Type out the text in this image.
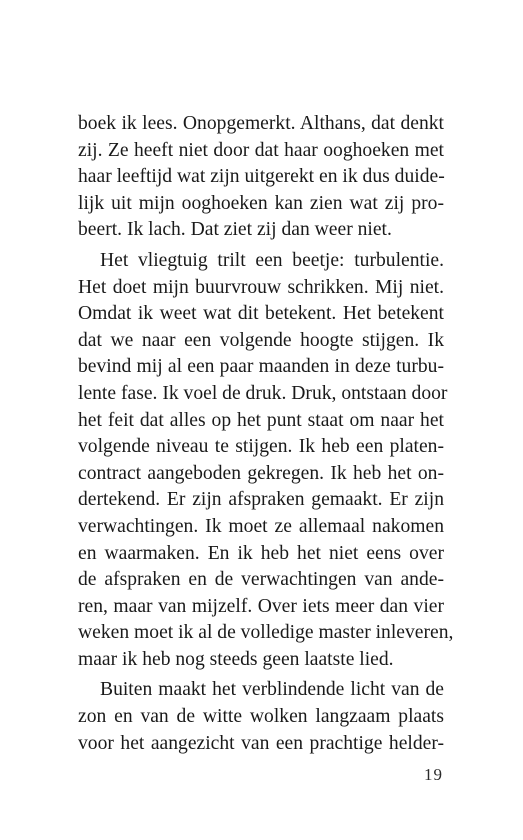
boek ik lees. Onopgemerkt. Althans, dat denkt
zij. Ze heeft niet door dat haar ooghoeken met
haar leeftijd wat zijn uitgerekt en ik dus duide-
lijk uit mijn ooghoeken kan zien wat zij pro-
beert. Ik lach. Dat ziet zij dan weer niet.
Het vliegtuig trilt een beetje: turbulentie.
Het doet mijn buurvrouw schrikken. Mij niet.
Omdat ik weet wat dit betekent. Het betekent
dat we naar een volgende hoogte stijgen. Ik
bevind mij al een paar maanden in deze turbu-
lente fase. Ik voel de druk. Druk, ontstaan door
het feit dat alles op het punt staat om naar het
volgende niveau te stijgen. Ik heb een platen-
contract aangeboden gekregen. Ik heb het on-
dertekend. Er zijn afspraken gemaakt. Er zijn
verwachtingen. Ik moet ze allemaal nakomen
en waarmaken. En ik heb het niet eens over
de afspraken en de verwachtingen van ande-
ren, maar van mijzelf. Over iets meer dan vier
weken moet ik al de volledige master inleveren,
maar ik heb nog steeds geen laatste lied.
Buiten maakt het verblindende licht van de
zon en van de witte wolken langzaam plaats
voor het aangezicht van een prachtige helder-
19
